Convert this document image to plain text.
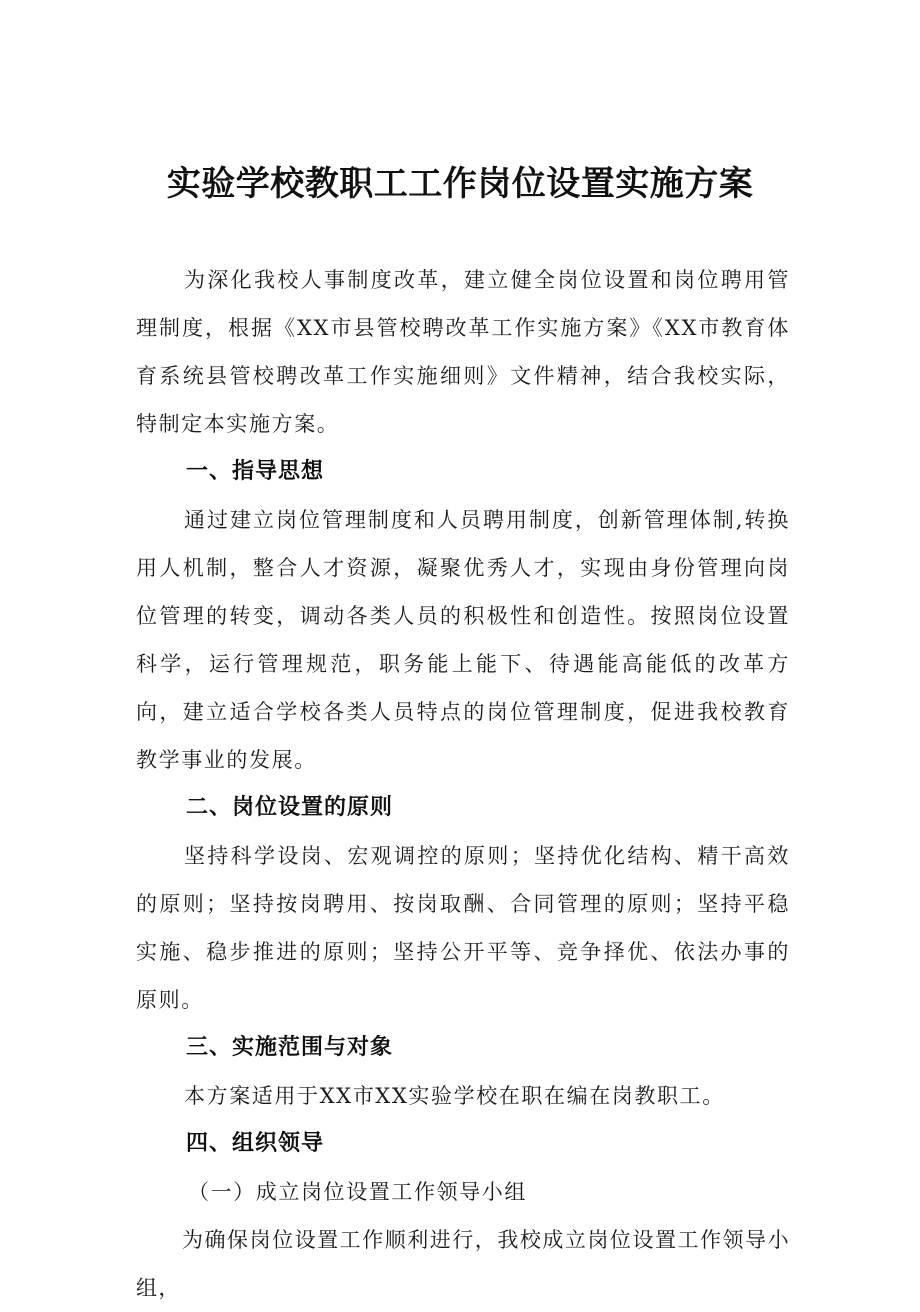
实验学校教职工工作岗位设置实施方案

为深化我校人事制度改革，建立健全岗位设置和岗位聘用管理制度，根据《XX市县管校聘改革工作实施方案》《XX市教育体育系统县管校聘改革工作实施细则》文件精神，结合我校实际，特制定本实施方案。

一、指导思想

通过建立岗位管理制度和人员聘用制度，创新管理体制,转换用人机制，整合人才资源，凝聚优秀人才，实现由身份管理向岗位管理的转变，调动各类人员的积极性和创造性。按照岗位设置科学，运行管理规范，职务能上能下、待遇能高能低的改革方向，建立适合学校各类人员特点的岗位管理制度，促进我校教育教学事业的发展。

二、岗位设置的原则

坚持科学设岗、宏观调控的原则；坚持优化结构、精干高效的原则；坚持按岗聘用、按岗取酬、合同管理的原则；坚持平稳实施、稳步推进的原则；坚持公开平等、竞争择优、依法办事的原则。

三、实施范围与对象

本方案适用于XX市XX实验学校在职在编在岗教职工。

四、组织领导

（一）成立岗位设置工作领导小组

为确保岗位设置工作顺利进行，我校成立岗位设置工作领导小组，
